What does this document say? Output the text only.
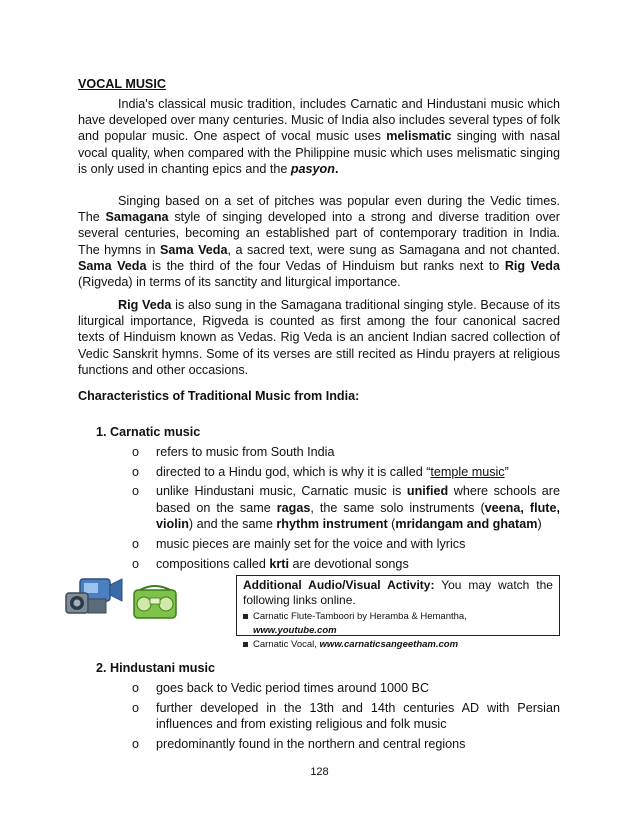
VOCAL MUSIC

India's classical music tradition, includes Carnatic and Hindustani music which have developed over many centuries. Music of India also includes several types of folk and popular music. One aspect of vocal music uses melismatic singing with nasal vocal quality, when compared with the Philippine music which uses melismatic singing is only used in chanting epics and the pasyon.

Singing based on a set of pitches was popular even during the Vedic times. The Samagana style of singing developed into a strong and diverse tradition over several centuries, becoming an established part of contemporary tradition in India. The hymns in Sama Veda, a sacred text, were sung as Samagana and not chanted. Sama Veda is the third of the four Vedas of Hinduism but ranks next to Rig Veda (Rigveda) in terms of its sanctity and liturgical importance.

Rig Veda is also sung in the Samagana traditional singing style. Because of its liturgical importance, Rigveda is counted as first among the four canonical sacred texts of Hinduism known as Vedas. Rig Veda is an ancient Indian sacred collection of Vedic Sanskrit hymns. Some of its verses are still recited as Hindu prayers at religious functions and other occasions.

Characteristics of Traditional Music from India:
1. Carnatic music
o refers to music from South India
o directed to a Hindu god, which is why it is called “temple music”
o unlike Hindustani music, Carnatic music is unified where schools are based on the same ragas, the same solo instruments (veena, flute, violin) and the same rhythm instrument (mridangam and ghatam)
o music pieces are mainly set for the voice and with lyrics
o compositions called krti are devotional songs
Additional Audio/Visual Activity: You may watch the following links online.
Carnatic Flute-Tamboori by Heramba & Hemantha, www.youtube.com
Carnatic Vocal, www.carnaticsangeetham.com
2. Hindustani music
o goes back to Vedic period times around 1000 BC
o further developed in the 13th and 14th centuries AD with Persian influences and from existing religious and folk music
o predominantly found in the northern and central regions
128
